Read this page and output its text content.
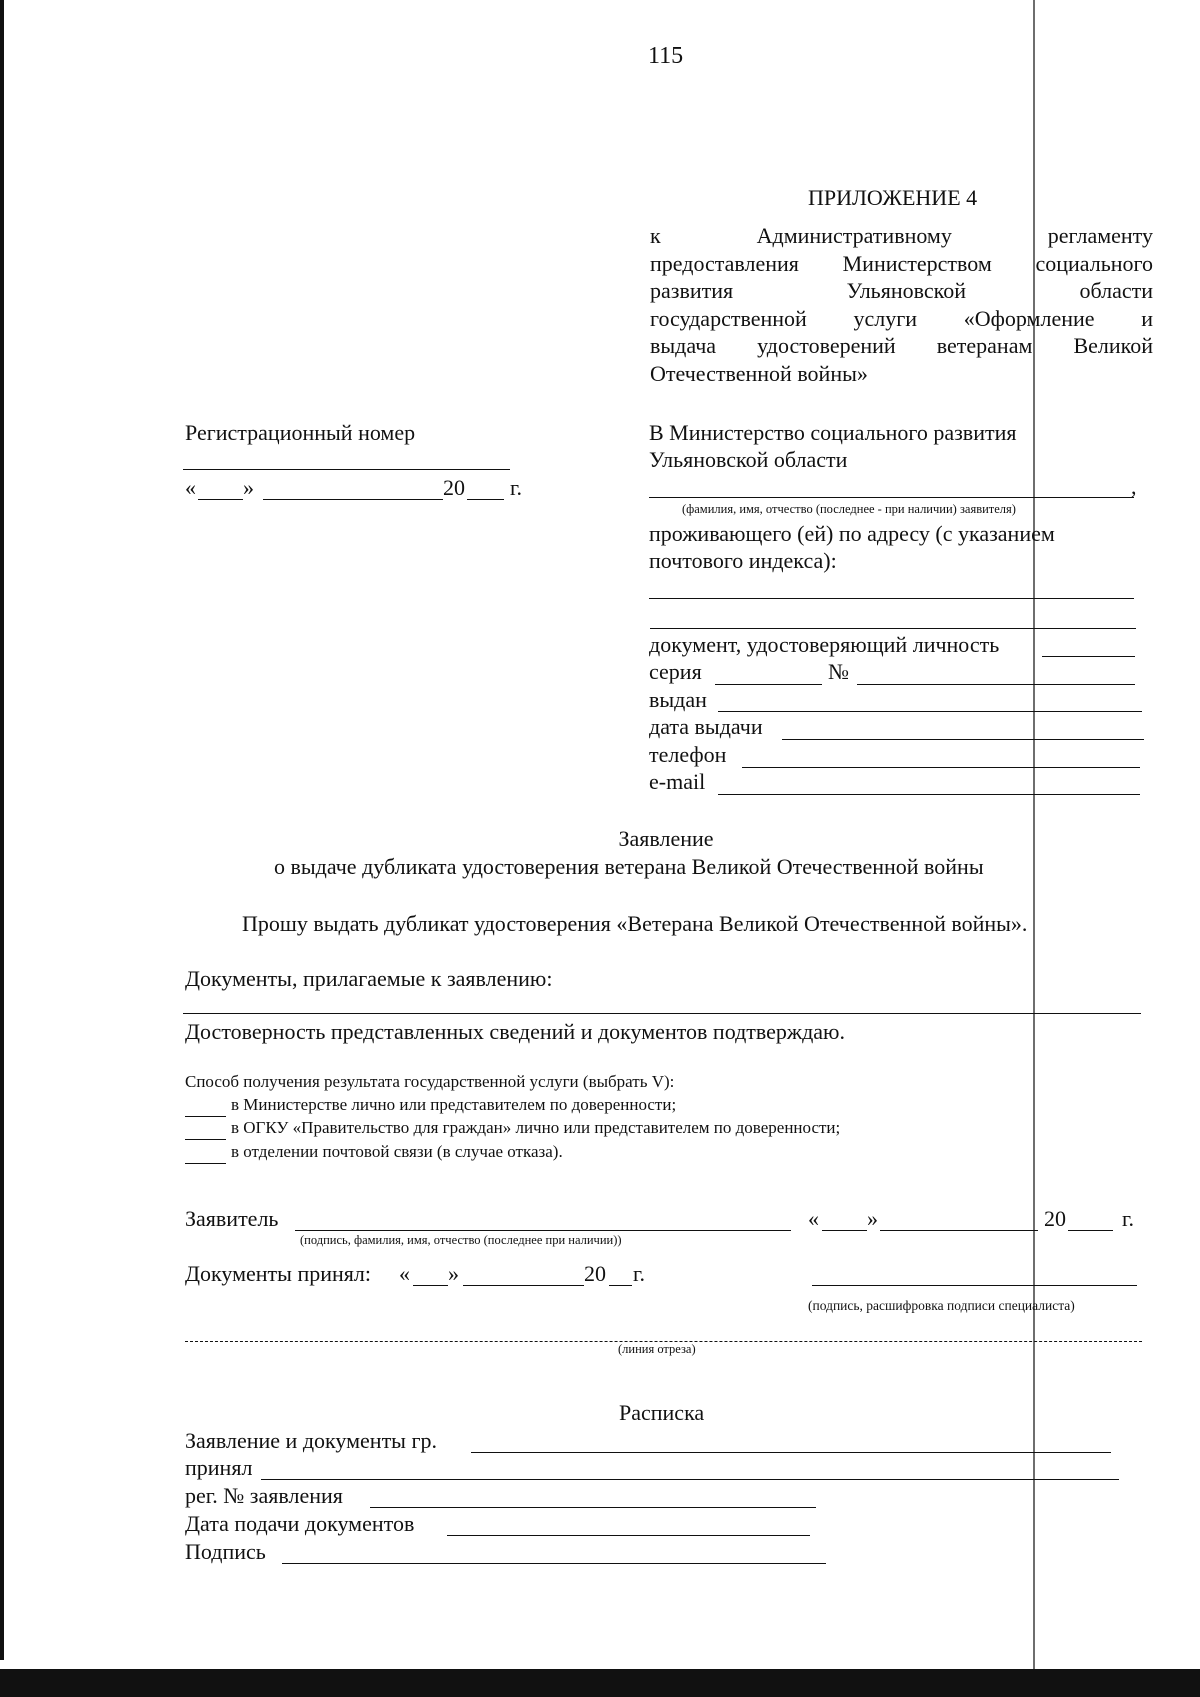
115
ПРИЛОЖЕНИЕ 4
к Административному регламенту
предоставления Министерством социального
развития Ульяновской области
государственной услуги «Оформление и
выдача удостоверений ветеранам Великой
Отечественной войны»
Регистрационный номер
« »	20 г.
В Министерство социального развития
Ульяновской области
,
(фамилия, имя, отчество (последнее - при наличии) заявителя)
проживающего (ей) по адресу (с указанием
почтового индекса):
документ, удостоверяющий личность
серия	№
выдан
дата выдачи
телефон
e-mail
Заявление
о выдаче дубликата удостоверения ветерана Великой Отечественной войны
Прошу выдать дубликат удостоверения «Ветерана Великой Отечественной войны».
Документы, прилагаемые к заявлению:
Достоверность представленных сведений и документов подтверждаю.
Способ получения результата государственной услуги (выбрать V):
в Министерстве лично или представителем по доверенности;
в ОГКУ «Правительство для граждан» лично или представителем по доверенности;
в отделении почтовой связи (в случае отказа).
Заявитель
(подпись, фамилия, имя, отчество (последнее при наличии))
« »	20	г.
Документы принял: « »	20 г.
(подпись, расшифровка подписи специалиста)
(линия отреза)
Расписка
Заявление и документы гр.
принял
рег. № заявления
Дата подачи документов
Подпись
